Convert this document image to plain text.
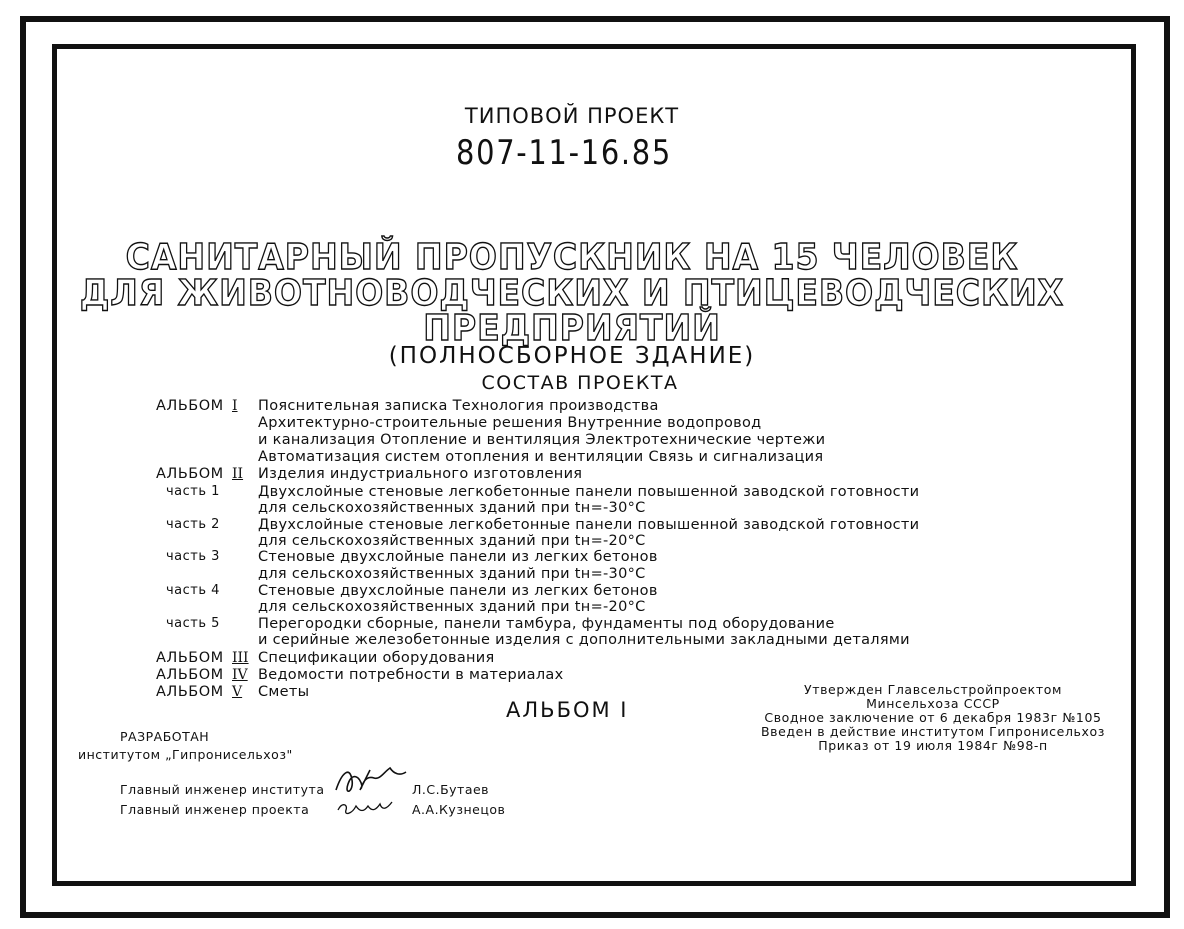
ТИПОВОЙ ПРОЕКТ
807-11-16.85
САНИТАРНЫЙ ПРОПУСКНИК НА 15 ЧЕЛОВЕК
ДЛЯ ЖИВОТНОВОДЧЕСКИХ И ПТИЦЕВОДЧЕСКИХ
ПРЕДПРИЯТИЙ
(ПОЛНОСБОРНОЕ ЗДАНИЕ)
СОСТАВ ПРОЕКТА
АЛЬБОМ I Пояснительная записка Технология производства
Архитектурно-строительные решения Внутренние водопровод
и канализация Отопление и вентиляция Электротехнические чертежи
Автоматизация систем отопления и вентиляции Связь и сигнализация
АЛЬБОМ II Изделия индустриального изготовления
часть 1	Двухслойные стеновые легкобетонные панели повышенной заводской готовности
для сельскохозяйственных зданий при tн=-30°С
часть 2	Двухслойные стеновые легкобетонные панели повышенной заводской готовности
для сельскохозяйственных зданий при tн=-20°С
часть 3	Стеновые двухслойные панели из легких бетонов
для сельскохозяйственных зданий при tн=-30°С
часть 4	Стеновые двухслойные панели из легких бетонов
для сельскохозяйственных зданий при tн=-20°С
часть 5	Перегородки сборные, панели тамбура, фундаменты под оборудование
и серийные железобетонные изделия с дополнительными закладными деталями
АЛЬБОМ III Спецификации оборудования
АЛЬБОМ IV Ведомости потребности в материалах
АЛЬБОМ V Сметы
АЛЬБОМ I
Утвержден Главсельстройпроектом
Минсельхоза СССР
Сводное заключение от 6 декабря 1983г №105
Введен в действие институтом Гипронисельхоз
Приказ от 19 июля 1984г №98-п
РАЗРАБОТАН
институтом „Гипронисельхоз"
Главный инженер института	Л.С.Бутаев
Главный инженер проекта	А.А.Кузнецов
